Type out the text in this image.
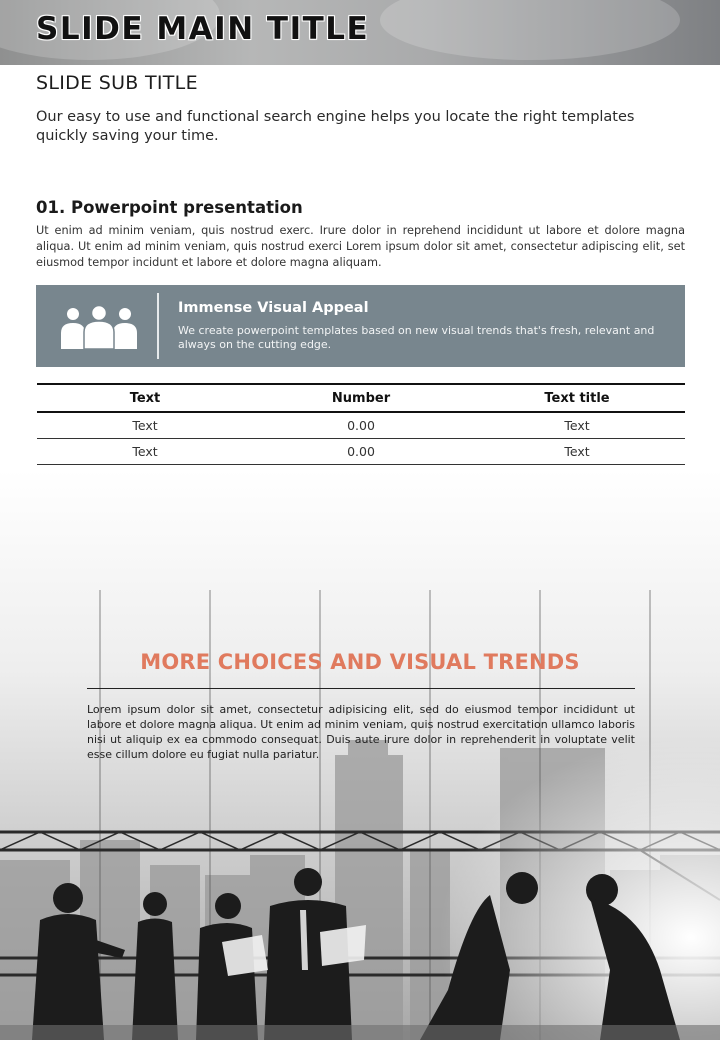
SLIDE MAIN TITLE

SLIDE SUB TITLE

Our easy to use and functional search engine helps you locate the right templates quickly saving your time.

01. Powerpoint presentation

Ut enim ad minim veniam, quis nostrud exerc. Irure dolor in reprehend incididunt ut labore et dolore magna aliqua. Ut enim ad minim veniam, quis nostrud exerci Lorem ipsum dolor sit amet, consectetur adipiscing elit, set eiusmod tempor incidunt et labore et dolore magna aliquam.

Immense Visual Appeal

We create powerpoint templates based on new visual trends that's fresh, relevant and always on the cutting edge.

Text	Number	Text title
Text	0.00	Text
Text	0.00	Text

MORE CHOICES AND VISUAL TRENDS

Lorem ipsum dolor sit amet, consectetur adipisicing elit, sed do eiusmod tempor incididunt ut labore et dolore magna aliqua. Ut enim ad minim veniam, quis nostrud exercitation ullamco laboris nisi ut aliquip ex ea commodo consequat. Duis aute irure dolor in reprehenderit in voluptate velit esse cillum dolore eu fugiat nulla pariatur.
